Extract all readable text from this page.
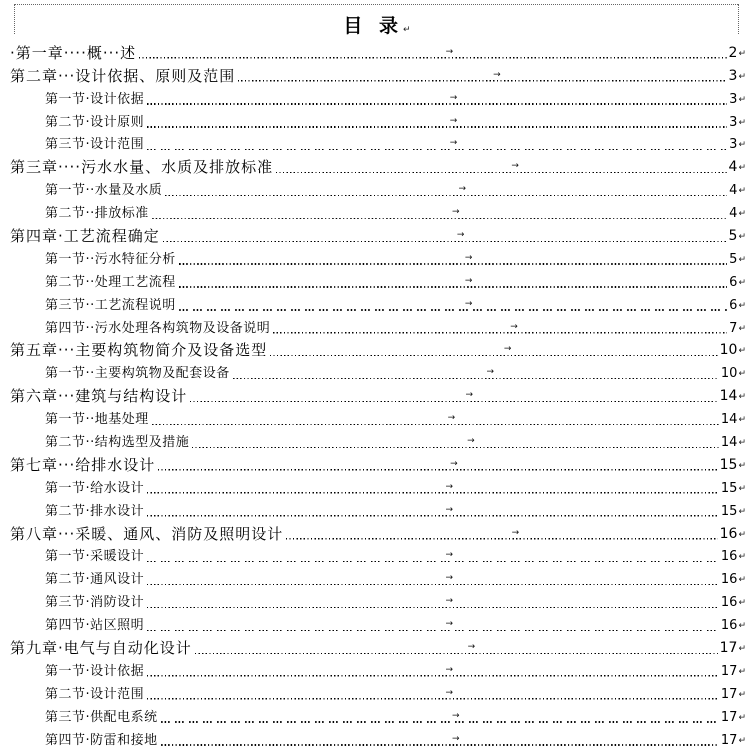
目 录↵
·第一章····概···述	→	2 ↵
第二章···设计依据、原则及范围	→	3 ↵
第一节·设计依据	→	3 ↵
第二节·设计原则	→	3 ↵
第三节·设计范围	→	3 ↵
第三章····污水水量、水质及排放标准	→	4 ↵
第一节··水量及水质	→	4 ↵
第二节··排放标准	→	4 ↵
第四章·工艺流程确定	→	5 ↵
第一节··污水特征分析	→	5 ↵
第二节··处理工艺流程	→	6 ↵
第三节··工艺流程说明	→	6 ↵
第四节··污水处理各构筑物及设备说明	→	7 ↵
第五章···主要构筑物简介及设备选型	→	10 ↵
第一节··主要构筑物及配套设备	→	10 ↵
第六章···建筑与结构设计	→	14 ↵
第一节··地基处理	→	14 ↵
第二节··结构选型及措施	→	14 ↵
第七章···给排水设计	→	15 ↵
第一节·给水设计	→	15 ↵
第二节·排水设计	→	15 ↵
第八章···采暖、通风、消防及照明设计	→	16 ↵
第一节·采暖设计	→	16 ↵
第二节·通风设计	→	16 ↵
第三节·消防设计	→	16 ↵
第四节·站区照明	→	16 ↵
第九章·电气与自动化设计	→	17 ↵
第一节·设计依据	→	17 ↵
第二节·设计范围	→	17 ↵
第三节·供配电系统	→	17 ↵
第四节·防雷和接地	→	17 ↵
